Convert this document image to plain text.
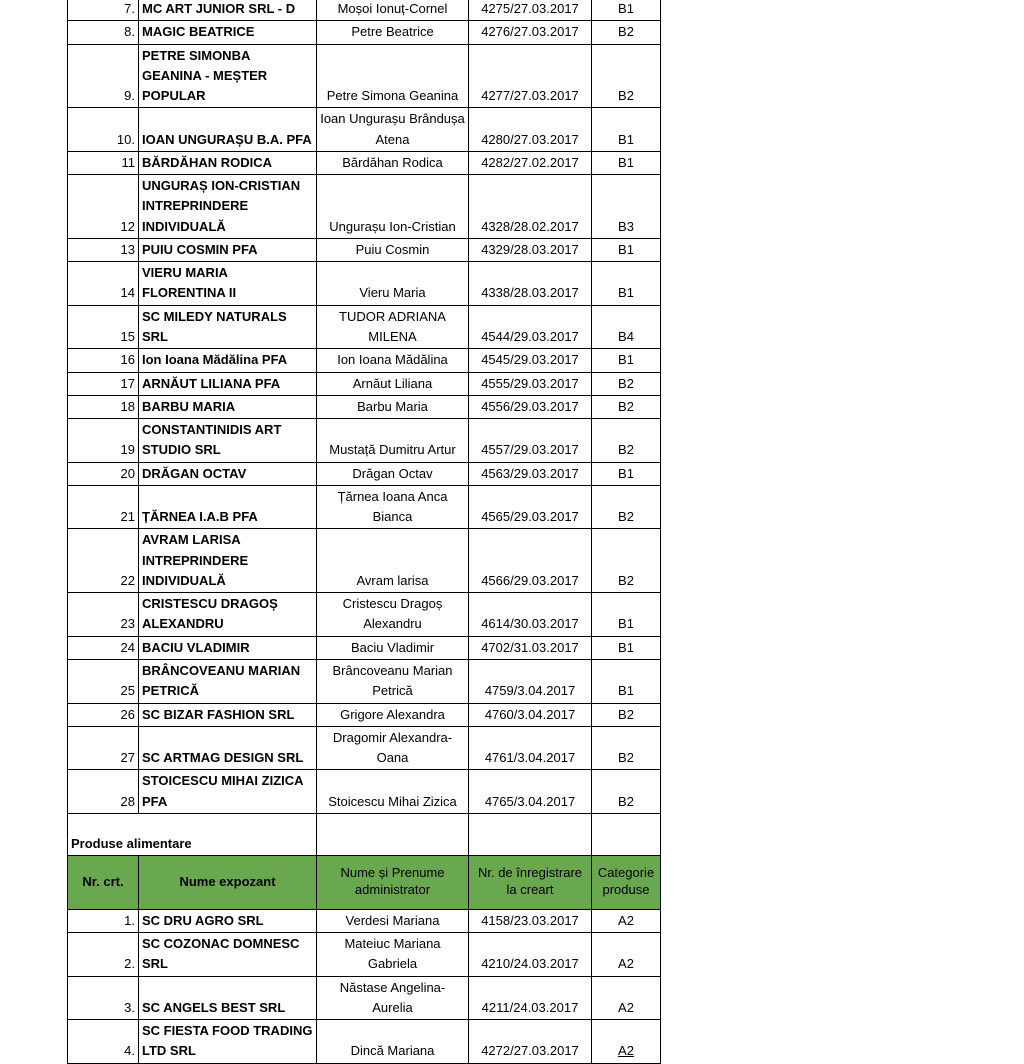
7.	MC ART JUNIOR SRL - D	Moșoi Ionuț-Cornel	4275/27.03.2017	B1
8.	MAGIC BEATRICE	Petre Beatrice	4276/27.03.2017	B2
9.	PETRE SIMONBA GEANINA - MEȘTER POPULAR	Petre Simona Geanina	4277/27.03.2017	B2
10.	IOAN UNGURAȘU B.A. PFA	Ioan Ungurașu Brândușa Atena	4280/27.03.2017	B1
11	BĂRDĂHAN RODICA	Bărdăhan Rodica	4282/27.02.2017	B1
12	UNGURAȘ ION-CRISTIAN INTREPRINDERE INDIVIDUALĂ	Ungurașu Ion-Cristian	4328/28.02.2017	B3
13	PUIU COSMIN PFA	Puiu Cosmin	4329/28.03.2017	B1
14	VIERU MARIA FLORENTINA II	Vieru Maria	4338/28.03.2017	B1
15	SC MILEDY NATURALS SRL	TUDOR ADRIANA MILENA	4544/29.03.2017	B4
16	Ion Ioana Mădălina PFA	Ion Ioana Mădălina	4545/29.03.2017	B1
17	ARNĂUT LILIANA PFA	Arnăut Liliana	4555/29.03.2017	B2
18	BARBU MARIA	Barbu Maria	4556/29.03.2017	B2
19	CONSTANTINIDIS ART STUDIO SRL	Mustață Dumitru Artur	4557/29.03.2017	B2
20	DRĂGAN OCTAV	Drăgan Octav	4563/29.03.2017	B1
21	ȚĂRNEA I.A.B PFA	Țărnea Ioana Anca Bianca	4565/29.03.2017	B2
22	AVRAM LARISA INTREPRINDERE INDIVIDUALĂ	Avram larisa	4566/29.03.2017	B2
23	CRISTESCU DRAGOȘ ALEXANDRU	Cristescu Dragoș Alexandru	4614/30.03.2017	B1
24	BACIU VLADIMIR	Baciu Vladimir	4702/31.03.2017	B1
25	BRÂNCOVEANU MARIAN PETRICĂ	Brâncoveanu Marian Petrică	4759/3.04.2017	B1
26	SC BIZAR FASHION SRL	Grigore Alexandra	4760/3.04.2017	B2
27	SC ARTMAG DESIGN SRL	Dragomir Alexandra-Oana	4761/3.04.2017	B2
28	STOICESCU MIHAI ZIZICA PFA	Stoicescu Mihai Zizica	4765/3.04.2017	B2
Produse alimentare				
Nr. crt.	Nume expozant	Nume și Prenume administrator	Nr. de înregistrare la creart	Categorie produse
1.	SC DRU AGRO SRL	Verdesi Mariana	4158/23.03.2017	A2
2.	SC COZONAC DOMNESC SRL	Mateiuc Mariana Gabriela	4210/24.03.2017	A2
3.	SC ANGELS BEST SRL	Năstase Angelina-Aurelia	4211/24.03.2017	A2
4.	SC FIESTA FOOD TRADING LTD SRL	Dincă Mariana	4272/27.03.2017	A2
